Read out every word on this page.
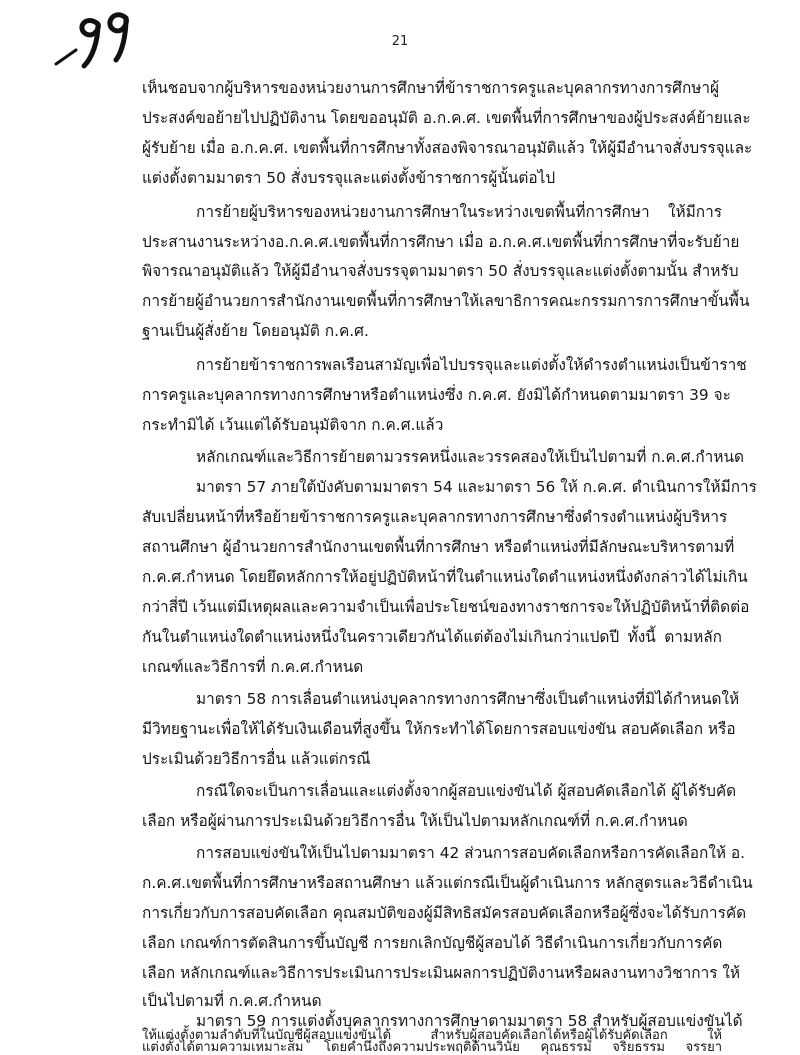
21
เห็นชอบจากผู้บริหารของหน่วยงานการศึกษาที่ข้าราชการครูและบุคลากรทางการศึกษาผู้
ประสงค์ขอย้ายไปปฏิบัติงาน โดยขออนุมัติ อ.ก.ค.ศ. เขตพื้นที่การศึกษาของผู้ประสงค์ย้ายและ
ผู้รับย้าย เมื่อ อ.ก.ค.ศ. เขตพื้นที่การศึกษาทั้งสองพิจารณาอนุมัติแล้ว ให้ผู้มีอำนาจสั่งบรรจุและ
แต่งตั้งตามมาตรา 50 สั่งบรรจุและแต่งตั้งข้าราชการผู้นั้นต่อไป
การย้ายผู้บริหารของหน่วยงานการศึกษาในระหว่างเขตพื้นที่การศึกษา ให้มีการ
ประสานงานระหว่างอ.ก.ค.ศ.เขตพื้นที่การศึกษา เมื่อ อ.ก.ค.ศ.เขตพื้นที่การศึกษาที่จะรับย้าย
พิจารณาอนุมัติแล้ว ให้ผู้มีอำนาจสั่งบรรจุตามมาตรา 50 สั่งบรรจุและแต่งตั้งตามนั้น สำหรับ
การย้ายผู้อำนวยการสำนักงานเขตพื้นที่การศึกษาให้เลขาธิการคณะกรรมการการศึกษาขั้นพื้น
ฐานเป็นผู้สั่งย้าย โดยอนุมัติ ก.ค.ศ.
การย้ายข้าราชการพลเรือนสามัญเพื่อไปบรรจุและแต่งตั้งให้ดำรงตำแหน่งเป็นข้าราช
การครูและบุคลากรทางการศึกษาหรือตำแหน่งซึ่ง ก.ค.ศ. ยังมิได้กำหนดตามมาตรา 39 จะ
กระทำมิได้ เว้นแต่ได้รับอนุมัติจาก ก.ค.ศ.แล้ว
หลักเกณฑ์และวิธีการย้ายตามวรรคหนึ่งและวรรคสองให้เป็นไปตามที่ ก.ค.ศ.กำหนด
มาตรา 57 ภายใต้บังคับตามมาตรา 54 และมาตรา 56 ให้ ก.ค.ศ. ดำเนินการให้มีการ
สับเปลี่ยนหน้าที่หรือย้ายข้าราชการครูและบุคลากรทางการศึกษาซึ่งดำรงตำแหน่งผู้บริหาร
สถานศึกษา ผู้อำนวยการสำนักงานเขตพื้นที่การศึกษา หรือตำแหน่งที่มีลักษณะบริหารตามที่
ก.ค.ศ.กำหนด โดยยึดหลักการให้อยู่ปฏิบัติหน้าที่ในตำแหน่งใดตำแหน่งหนึ่งดังกล่าวได้ไม่เกิน
กว่าสี่ปี เว้นแต่มีเหตุผลและความจำเป็นเพื่อประโยชน์ของทางราชการจะให้ปฏิบัติหน้าที่ติดต่อ
กันในตำแหน่งใดตำแหน่งหนึ่งในคราวเดียวกันได้แต่ต้องไม่เกินกว่าแปดปี ทั้งนี้ ตามหลัก
เกณฑ์และวิธีการที่ ก.ค.ศ.กำหนด
มาตรา 58 การเลื่อนตำแหน่งบุคลากรทางการศึกษาซึ่งเป็นตำแหน่งที่มิได้กำหนดให้
มีวิทยฐานะเพื่อให้ได้รับเงินเดือนที่สูงขึ้น ให้กระทำได้โดยการสอบแข่งขัน สอบคัดเลือก หรือ
ประเมินด้วยวิธีการอื่น แล้วแต่กรณี
กรณีใดจะเป็นการเลื่อนและแต่งตั้งจากผู้สอบแข่งขันได้ ผู้สอบคัดเลือกได้ ผู้ได้รับคัด
เลือก หรือผู้ผ่านการประเมินด้วยวิธีการอื่น ให้เป็นไปตามหลักเกณฑ์ที่ ก.ค.ศ.กำหนด
การสอบแข่งขันให้เป็นไปตามมาตรา 42 ส่วนการสอบคัดเลือกหรือการคัดเลือกให้ อ.
ก.ค.ศ.เขตพื้นที่การศึกษาหรือสถานศึกษา แล้วแต่กรณีเป็นผู้ดำเนินการ หลักสูตรและวิธีดำเนิน
การเกี่ยวกับการสอบคัดเลือก คุณสมบัติของผู้มีสิทธิสมัครสอบคัดเลือกหรือผู้ซึ่งจะได้รับการคัด
เลือก เกณฑ์การตัดสินการขึ้นบัญชี การยกเลิกบัญชีผู้สอบได้ วิธีดำเนินการเกี่ยวกับการคัด
เลือก หลักเกณฑ์และวิธีการประเมินการประเมินผลการปฏิบัติงานหรือผลงานทางวิชาการ ให้
เป็นไปตามที่ ก.ค.ศ.กำหนด
มาตรา 59 การแต่งตั้งบุคลากรทางการศึกษาตามมาตรา 58 สำหรับผู้สอบแข่งขันได้
ให้แต่งตั้งตามลำดับที่ในบัญชีผู้สอบแข่งขันได้ สำหรับผู้สอบคัดเลือกได้หรือผู้ได้รับคัดเลือก ให้
แต่งตั้งได้ตามความเหมาะสม โดยคำนึงถึงความประพฤติด้านวินัย คุณธรรม จริยธรรม จรรยา
